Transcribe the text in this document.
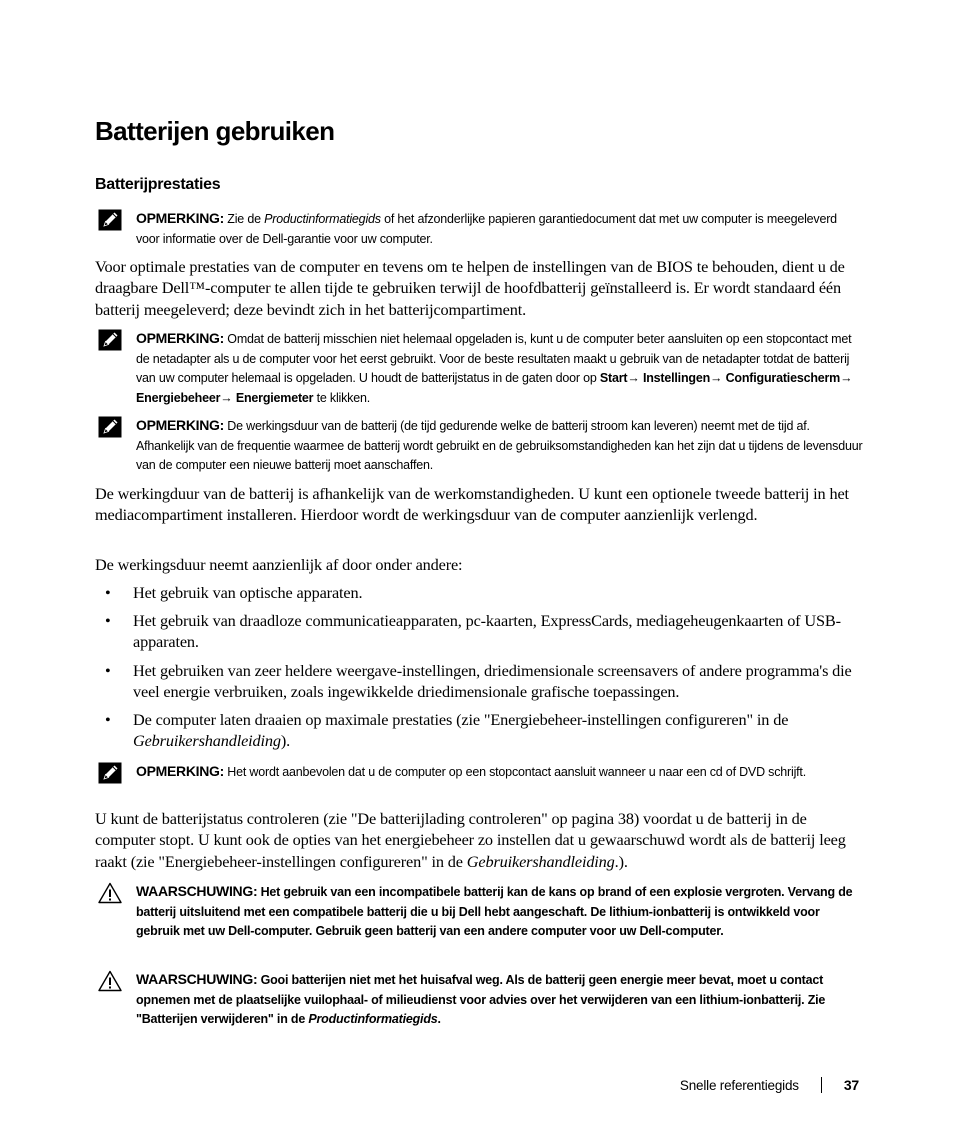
Batterijen gebruiken
Batterijprestaties
OPMERKING: Zie de Productinformatiegids of het afzonderlijke papieren garantiedocument dat met uw computer is meegeleverd voor informatie over de Dell-garantie voor uw computer.

Voor optimale prestaties van de computer en tevens om te helpen de instellingen van de BIOS te behouden, dient u de draagbare Dell™-computer te allen tijde te gebruiken terwijl de hoofdbatterij geïnstalleerd is. Er wordt standaard één batterij meegeleverd; deze bevindt zich in het batterijcompartiment.

OPMERKING: Omdat de batterij misschien niet helemaal opgeladen is, kunt u de computer beter aansluiten op een stopcontact met de netadapter als u de computer voor het eerst gebruikt. Voor de beste resultaten maakt u gebruik van de netadapter totdat de batterij van uw computer helemaal is opgeladen. U houdt de batterijstatus in de gaten door op Start→ Instellingen→ Configuratiescherm→ Energiebeheer→ Energiemeter te klikken.
OPMERKING: De werkingsduur van de batterij (de tijd gedurende welke de batterij stroom kan leveren) neemt met de tijd af. Afhankelijk van de frequentie waarmee de batterij wordt gebruikt en de gebruiksomstandigheden kan het zijn dat u tijdens de levensduur van de computer een nieuwe batterij moet aanschaffen.

De werkingduur van de batterij is afhankelijk van de werkomstandigheden. U kunt een optionele tweede batterij in het mediacompartiment installeren. Hierdoor wordt de werkingsduur van de computer aanzienlijk verlengd.

De werkingsduur neemt aanzienlijk af door onder andere:

• Het gebruik van optische apparaten.
• Het gebruik van draadloze communicatieapparaten, pc-kaarten, ExpressCards, mediageheugenkaarten of USB-apparaten.
• Het gebruiken van zeer heldere weergave-instellingen, driedimensionale screensavers of andere programma's die veel energie verbruiken, zoals ingewikkelde driedimensionale grafische toepassingen.
• De computer laten draaien op maximale prestaties (zie "Energiebeheer-instellingen configureren" in de Gebruikershandleiding).
OPMERKING: Het wordt aanbevolen dat u de computer op een stopcontact aansluit wanneer u naar een cd of DVD schrijft.

U kunt de batterijstatus controleren (zie "De batterijlading controleren" op pagina 38) voordat u de batterij in de computer stopt. U kunt ook de opties van het energiebeheer zo instellen dat u gewaarschuwd wordt als de batterij leeg raakt (zie "Energiebeheer-instellingen configureren" in de Gebruikershandleiding.).

WAARSCHUWING: Het gebruik van een incompatibele batterij kan de kans op brand of een explosie vergroten. Vervang de batterij uitsluitend met een compatibele batterij die u bij Dell hebt aangeschaft. De lithium-ionbatterij is ontwikkeld voor gebruik met uw Dell-computer. Gebruik geen batterij van een andere computer voor uw Dell-computer.
WAARSCHUWING: Gooi batterijen niet met het huisafval weg. Als de batterij geen energie meer bevat, moet u contact opnemen met de plaatselijke vuilophaal- of milieudienst voor advies over het verwijderen van een lithium-ionbatterij. Zie "Batterijen verwijderen" in de Productinformatiegids.
Snelle referentiegids	37
